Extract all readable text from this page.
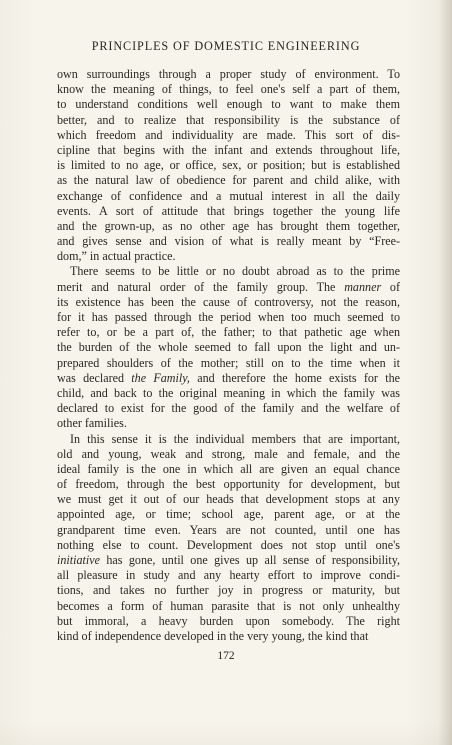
PRINCIPLES OF DOMESTIC ENGINEERING
own surroundings through a proper study of environment. To
know the meaning of things, to feel one's self a part of them,
to understand conditions well enough to want to make them
better, and to realize that responsibility is the substance of
which freedom and individuality are made. This sort of dis-
cipline that begins with the infant and extends throughout life,
is limited to no age, or office, sex, or position; but is established
as the natural law of obedience for parent and child alike, with
exchange of confidence and a mutual interest in all the daily
events. A sort of attitude that brings together the young life
and the grown-up, as no other age has brought them together,
and gives sense and vision of what is really meant by “Free-
dom,” in actual practice.
There seems to be little or no doubt abroad as to the prime
merit and natural order of the family group. The manner of
its existence has been the cause of controversy, not the reason,
for it has passed through the period when too much seemed to
refer to, or be a part of, the father; to that pathetic age when
the burden of the whole seemed to fall upon the light and un-
prepared shoulders of the mother; still on to the time when it
was declared the Family, and therefore the home exists for the
child, and back to the original meaning in which the family was
declared to exist for the good of the family and the welfare of
other families.
In this sense it is the individual members that are important,
old and young, weak and strong, male and female, and the
ideal family is the one in which all are given an equal chance
of freedom, through the best opportunity for development, but
we must get it out of our heads that development stops at any
appointed age, or time; school age, parent age, or at the
grandparent time even. Years are not counted, until one has
nothing else to count. Development does not stop until one's
initiative has gone, until one gives up all sense of responsibility,
all pleasure in study and any hearty effort to improve condi-
tions, and takes no further joy in progress or maturity, but
becomes a form of human parasite that is not only unhealthy
but immoral, a heavy burden upon somebody. The right
kind of independence developed in the very young, the kind that
172
